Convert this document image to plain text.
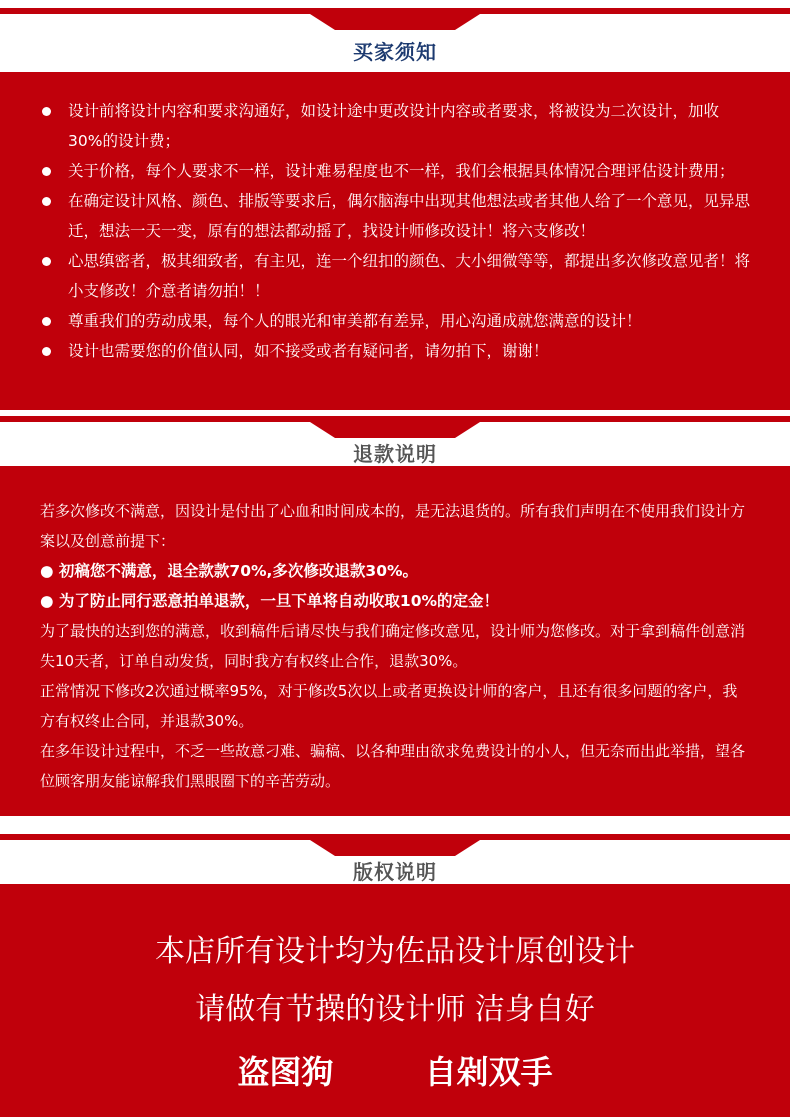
买家须知
设计前将设计内容和要求沟通好，如设计途中更改设计内容或者要求，将被设为二次设计，加收30%的设计费；
关于价格，每个人要求不一样，设计难易程度也不一样，我们会根据具体情况合理评估设计费用；
在确定设计风格、颜色、排版等要求后，偶尔脑海中出现其他想法或者其他人给了一个意见，见异思迁，想法一天一变，原有的想法都动摇了，找设计师修改设计！将六支修改！
心思缜密者，极其细致者，有主见，连一个纽扣的颜色、大小细微等等，都提出多次修改意见者！将小支修改！介意者请勿拍！！
尊重我们的劳动成果，每个人的眼光和审美都有差异，用心沟通成就您满意的设计！
设计也需要您的价值认同，如不接受或者有疑问者，请勿拍下，谢谢！
退款说明

若多次修改不满意，因设计是付出了心血和时间成本的，是无法退货的。所有我们声明在不使用我们设计方案以及创意前提下：

● 初稿您不满意，退全款款70%,多次修改退款30%。

● 为了防止同行恶意拍单退款，一旦下单将自动收取10%的定金！

为了最快的达到您的满意，收到稿件后请尽快与我们确定修改意见，设计师为您修改。对于拿到稿件创意消失10天者，订单自动发货，同时我方有权终止合作，退款30%。

正常情况下修改2次通过概率95%，对于修改5次以上或者更换设计师的客户，且还有很多问题的客户，我方有权终止合同，并退款30%。

在多年设计过程中，不乏一些故意刁难、骗稿、以各种理由欲求免费设计的小人，但无奈而出此举措，望各位顾客朋友能谅解我们黑眼圈下的辛苦劳动。

版权说明
本店所有设计均为佐品设计原创设计
请做有节操的设计师 洁身自好
盗图狗	自剁双手
